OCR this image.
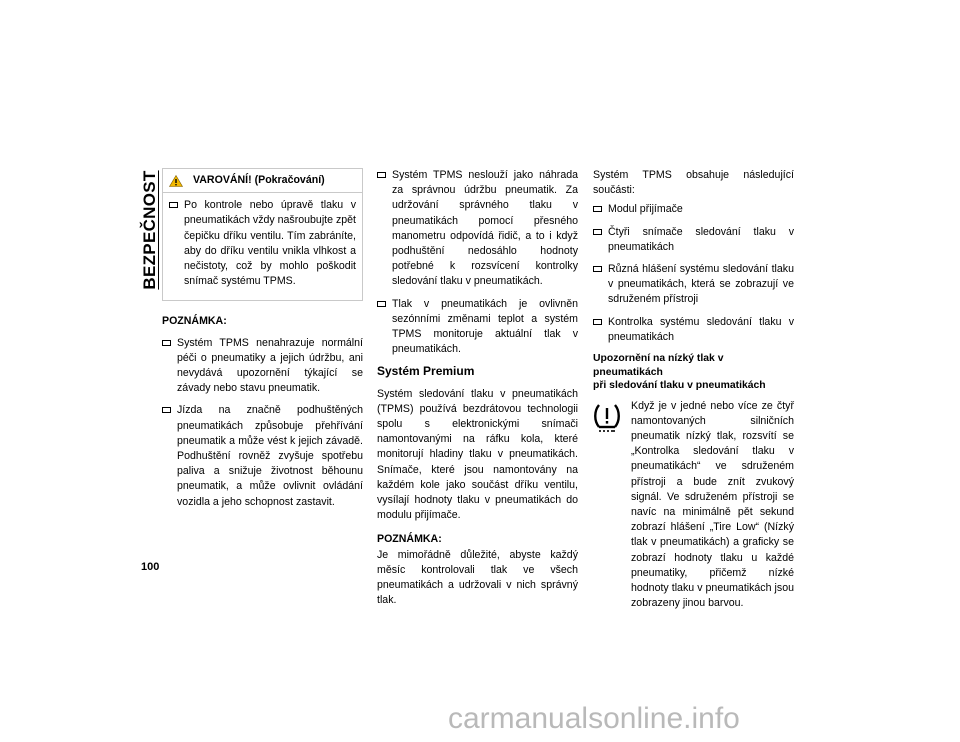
BEZPEČNOST	VAROVÁNÍ! (Pokračování)
Po kontrole nebo úpravě tlaku v pneumatikách vždy našroubujte zpět čepičku dříku ventilu. Tím zabráníte, aby do dříku ventilu vnikla vlhkost a nečistoty, což by mohlo poškodit snímač systému TPMS.
POZNÁMKA:
Systém TPMS nenahrazuje normální péči o pneumatiky a jejich údržbu, ani nevydává upozornění týkající se závady nebo stavu pneumatik.
Jízda na značně podhuštěných pneumatikách způsobuje přehřívání pneumatik a může vést k jejich závadě. Podhuštění rovněž zvyšuje spotřebu paliva a snižuje životnost běhounu pneumatik, a může ovlivnit ovládání vozidla a jeho schopnost zastavit.
Systém TPMS neslouží jako náhrada za správnou údržbu pneumatik. Za udržování správného tlaku v pneumatikách pomocí přesného manometru odpovídá řidič, a to i když podhuštění nedosáhlo hodnoty potřebné k rozsvícení kontrolky sledování tlaku v pneumatikách.
Tlak v pneumatikách je ovlivněn sezónními změnami teplot a systém TPMS monitoruje aktuální tlak v pneumatikách.
Systém Premium

Systém sledování tlaku v pneumatikách (TPMS) používá bezdrátovou technologii spolu s elektronickými snímači namontovanými na ráfku kola, které monitorují hladiny tlaku v pneumatikách. Snímače, které jsou namontovány na každém kole jako součást dříku ventilu, vysílají hodnoty tlaku v pneumatikách do modulu přijímače.

POZNÁMKA:

Je mimořádně důležité, abyste každý měsíc kontrolovali tlak ve všech pneumatikách a udržovali v nich správný tlak.

Systém TPMS obsahuje následující součásti:

Modul přijímače
Čtyři snímače sledování tlaku v pneumatikách
Různá hlášení systému sledování tlaku v pneumatikách, která se zobrazují ve sdruženém přístroji
Kontrolka systému sledování tlaku v pneumatikách
Upozornění na nízký tlak v pneumatikách
při sledování tlaku v pneumatikách

Když je v jedné nebo více ze čtyř namontovaných silničních pneumatik nízký tlak, rozsvítí se „Kontrolka sledování tlaku v pneumatikách“ ve sdruženém přístroji a bude znít zvukový signál. Ve sdruženém přístroji se navíc na minimálně pět sekund zobrazí hlášení „Tire Low“ (Nízký tlak v pneumatikách) a graficky se zobrazí hodnoty tlaku u každé pneumatiky, přičemž nízké hodnoty tlaku v pneumatikách jsou zobrazeny jinou barvou.

100
carmanualsonline.info
